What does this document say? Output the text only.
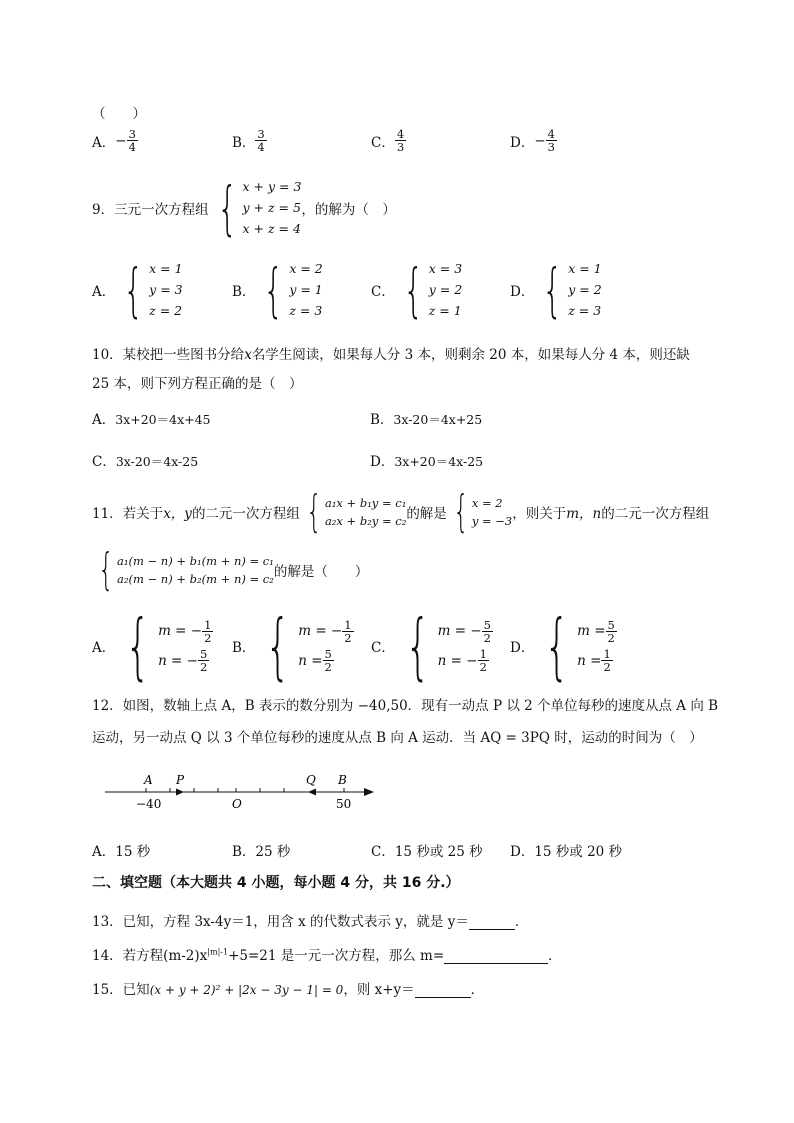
（　　）
A． − $\frac{3}{4}$	B． $\frac{3}{4}$	C． $\frac{4}{3}$	D． − $\frac{4}{3}$
9．三元一次方程组 { x + y = 3
y + z = 5
x + z = 4
，的解为（　）
A． { x = 1
y = 3
z = 2
B． { x = 2
y = 1
z = 3
C． { x = 3
y = 2
z = 1
D． { x = 1
y = 2
z = 3
10．某校把一些图书分给x名学生阅读，如果每人分 3 本，则剩余 20 本，如果每人分 4 本，则还缺
25 本，则下列方程正确的是（　）
A．3x+20＝4x+45	B．3x-20＝4x+25
C．3x-20＝4x-25	D．3x+20＝4x-25
11．若关于 x，y 的二元一次方程组 { a₁x + b₁y = c₁
a₂x + b₂y = c₂ 的解是 { x = 2
y = −3 ，则关于 m，n 的二元一次方程组
{ a₁(m − n) + b₁(m + n) = c₁
a₂(m − n) + b₂(m + n) = c₂ 的解是（　　）
A． { m = − $\frac{1}{2}$
n = − $\frac{5}{2}$ B． { m = − $\frac{1}{2}$
$n = \frac{5}{2}$	C． { m = − $\frac{5}{2}$
n = − $\frac{1}{2}$ D． { $m = \frac{5}{2}$
$n = \frac{1}{2}$
12．如图，数轴上点 A，B 表示的数分别为 −40,50．现有一动点 P 以 2 个单位每秒的速度从点 A 向 B
运动，另一动点 Q 以 3 个单位每秒的速度从点 B 向 A 运动．当 AQ = 3PQ 时，运动的时间为（　）
A P	Q B
O
−40	50
A． 15 秒	B． 25 秒	C． 15 秒或 25 秒 D． 15 秒或 20 秒
二、填空题（本大题共 4 小题，每小题 4 分，共 16 分.）
13．已知，方程 3x-4y＝1，用含 x 的代数式表示 y，就是 y＝	．
14．若方程$(m-2)x^{|m|-1}+5=21$ 是一元一次方程，那么 m=	．
15．已知(x + y + 2)² + |2x − 3y − 1| = 0，则 x+y＝	．
